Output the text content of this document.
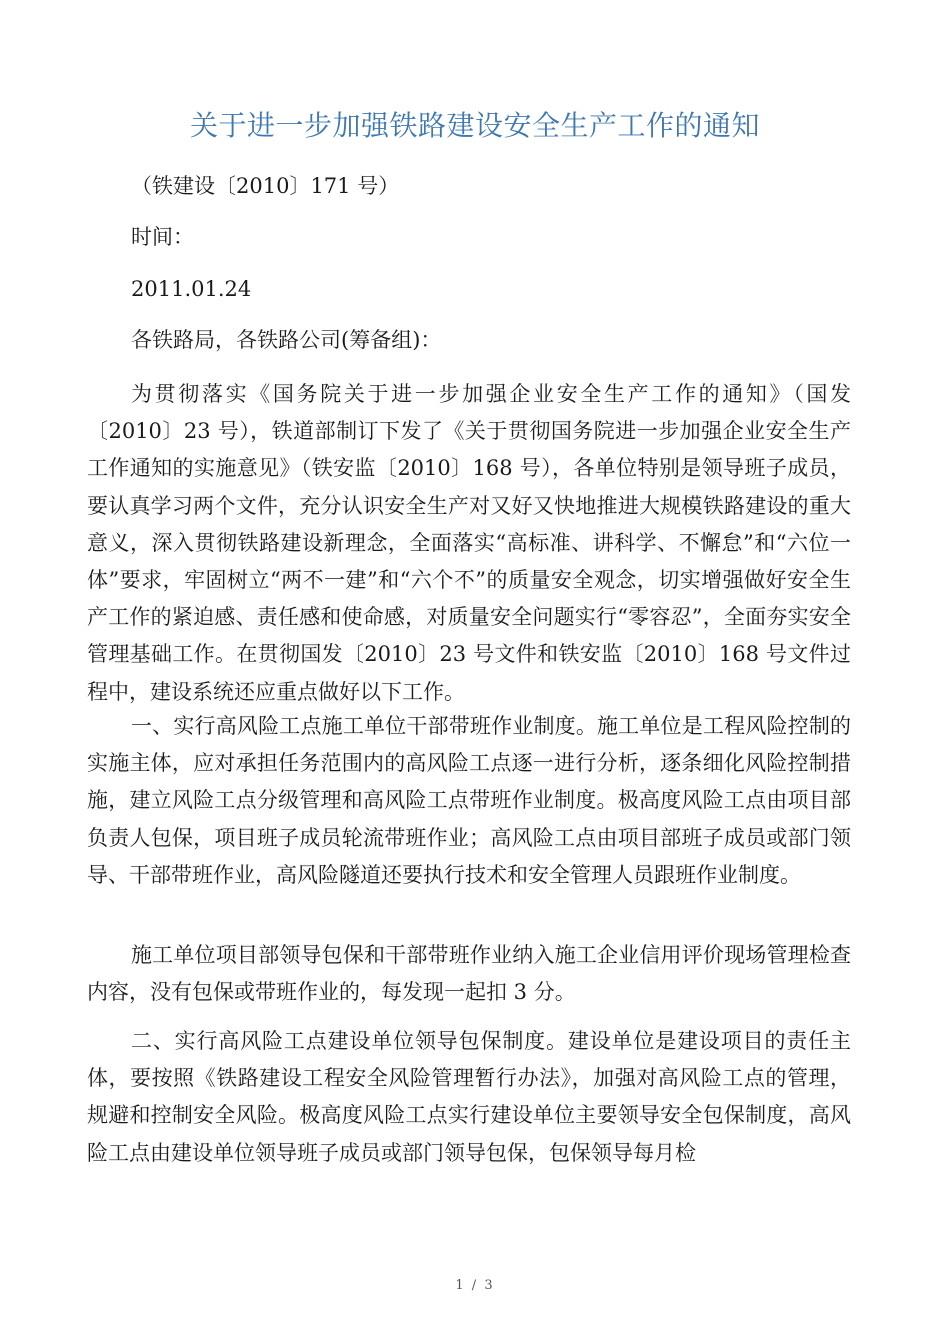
关于进一步加强铁路建设安全生产工作的通知
（铁建设〔2010〕171 号）
时间：
2011.01.24
各铁路局，各铁路公司(筹备组)：
为贯彻落实《国务院关于进一步加强企业安全生产工作的通知》（国发〔2010〕23 号），铁道部制订下发了《关于贯彻国务院进一步加强企业安全生产工作通知的实施意见》（铁安监〔2010〕168 号），各单位特别是领导班子成员，要认真学习两个文件，充分认识安全生产对又好又快地推进大规模铁路建设的重大意义，深入贯彻铁路建设新理念，全面落实“高标准、讲科学、不懈怠”和“六位一体”要求，牢固树立“两不一建”和“六个不”的质量安全观念，切实增强做好安全生产工作的紧迫感、责任感和使命感，对质量安全问题实行“零容忍”，全面夯实安全管理基础工作。在贯彻国发〔2010〕23 号文件和铁安监〔2010〕168 号文件过程中，建设系统还应重点做好以下工作。
一、实行高风险工点施工单位干部带班作业制度。施工单位是工程风险控制的实施主体，应对承担任务范围内的高风险工点逐一进行分析，逐条细化风险控制措施，建立风险工点分级管理和高风险工点带班作业制度。极高度风险工点由项目部负责人包保，项目班子成员轮流带班作业；高风险工点由项目部班子成员或部门领导、干部带班作业，高风险隧道还要执行技术和安全管理人员跟班作业制度。
施工单位项目部领导包保和干部带班作业纳入施工企业信用评价现场管理检查内容，没有包保或带班作业的，每发现一起扣 3 分。
二、实行高风险工点建设单位领导包保制度。建设单位是建设项目的责任主体，要按照《铁路建设工程安全风险管理暂行办法》，加强对高风险工点的管理，规避和控制安全风险。极高度风险工点实行建设单位主要领导安全包保制度，高风险工点由建设单位领导班子成员或部门领导包保，包保领导每月检
1 / 3
